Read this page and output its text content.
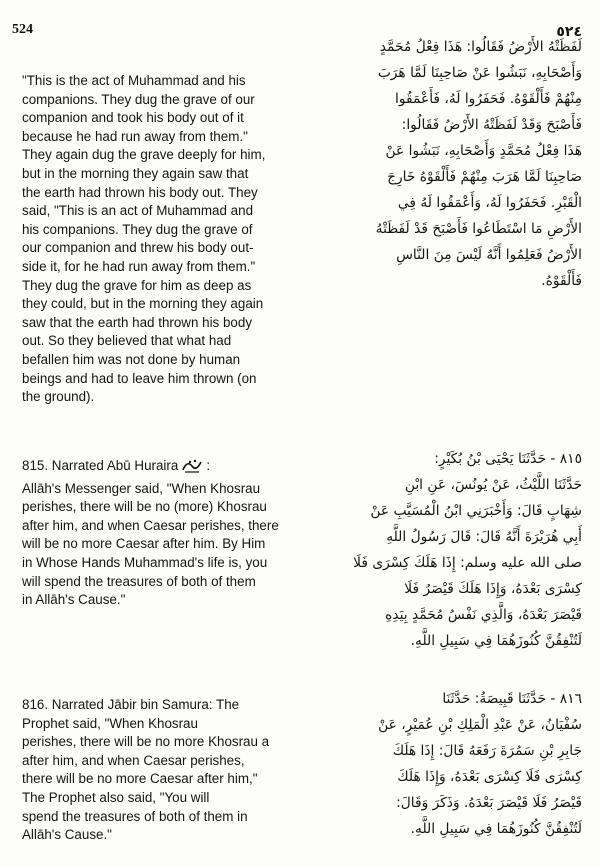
524	٥٢٤
"This is the act of Muhammad and his
companions. They dug the grave of our
companion and took his body out of it
because he had run away from them."
They again dug the grave deeply for him,
but in the morning they again saw that
the earth had thrown his body out. They
said, "This is an act of Muhammad and
his companions. They dug the grave of
our companion and threw his body out-
side it, for he had run away from them."
They dug the grave for him as deep as
they could, but in the morning they again
saw that the earth had thrown his body
out. So they believed that what had
befallen him was not done by human
beings and had to leave him thrown (on
the ground).
لَفَظَتْهُ الأَرْضُ فَقَالُوا: هَذَا فِعْلُ مُحَمَّدٍ
وَأَصْحَابِهِ، نَبَشُوا عَنْ صَاحِبِنَا لَمَّا هَرَبَ
مِنْهُمْ فَأَلْقَوْهُ. فَحَفَرُوا لَهُ، فَأَعْمَقُوا
فَأَصْبَحَ وَقَدْ لَفَظَتْهُ الأَرْضُ فَقَالُوا:
هَذَا فِعْلُ مُحَمَّدٍ وَأَصْحَابِهِ، نَبَشُوا عَنْ
صَاحِبِنَا لَمَّا هَرَبَ مِنْهُمْ فَأَلْقَوْهُ خَارِجَ
الْقَبْرِ. فَحَفَرُوا لَهُ، وَأَعْمَقُوا لَهُ فِي
الأَرْضِ مَا اسْتَطَاعُوا فَأَصْبَحَ قَدْ لَفَظَتْهُ
الأَرْضُ فَعَلِمُوا أَنَّهُ لَيْسَ مِنَ النَّاسِ
فَأَلْقَوْهُ.
815. Narrated Abū Huraira :
Allāh's Messenger said, "When Khosrau
perishes, there will be no (more) Khosrau
after him, and when Caesar perishes, there
will be no more Caesar after him. By Him
in Whose Hands Muhammad's life is, you
will spend the treasures of both of them
in Allāh's Cause."
٨١٥ - حَدَّثَنَا يَحْيَى بْنُ بُكَيْرٍ:
حَدَّثَنَا اللَّيْثُ، عَنْ يُونُسَ، عَنِ ابْنِ
شِهَابٍ قَالَ: وَأَخْبَرَنِي ابْنُ الْمُسَيَّبِ عَنْ
أَبِي هُرَيْرَةَ أَنَّهُ قَالَ: قَالَ رَسُولُ اللَّهِ
صلى الله عليه وسلم: إِذَا هَلَكَ كِسْرَى فَلَا
كِسْرَى بَعْدَهُ، وَإِذَا هَلَكَ قَيْصَرُ فَلَا
قَيْصَرَ بَعْدَهُ، وَالَّذِي نَفْسُ مُحَمَّدٍ بِيَدِهِ
لَتُنْفِقُنَّ كُنُوزَهُمَا فِي سَبِيلِ اللَّهِ.
816. Narrated Jābir bin Samura: The
Prophet said, "When Khosrau
perishes, there will be no more Khosrau a
after him, and when Caesar perishes,
there will be no more Caesar after him,"
The Prophet also said, "You will
spend the treasures of both of them in
Allāh's Cause."
٨١٦ - حَدَّثَنَا قَبِيصَةُ: حَدَّثَنَا
سُفْيَانُ، عَنْ عَبْدِ الْمَلِكِ بْنِ عُمَيْرٍ، عَنْ
جَابِرِ بْنِ سَمُرَةَ رَفَعَهُ قَالَ: إِذَا هَلَكَ
كِسْرَى فَلَا كِسْرَى بَعْدَهُ، وَإِذَا هَلَكَ
قَيْصَرُ فَلَا قَيْصَرَ بَعْدَهُ. وَذَكَرَ وَقَالَ:
لَتُنْفِقُنَّ كُنُوزَهُمَا فِي سَبِيلِ اللَّهِ.
